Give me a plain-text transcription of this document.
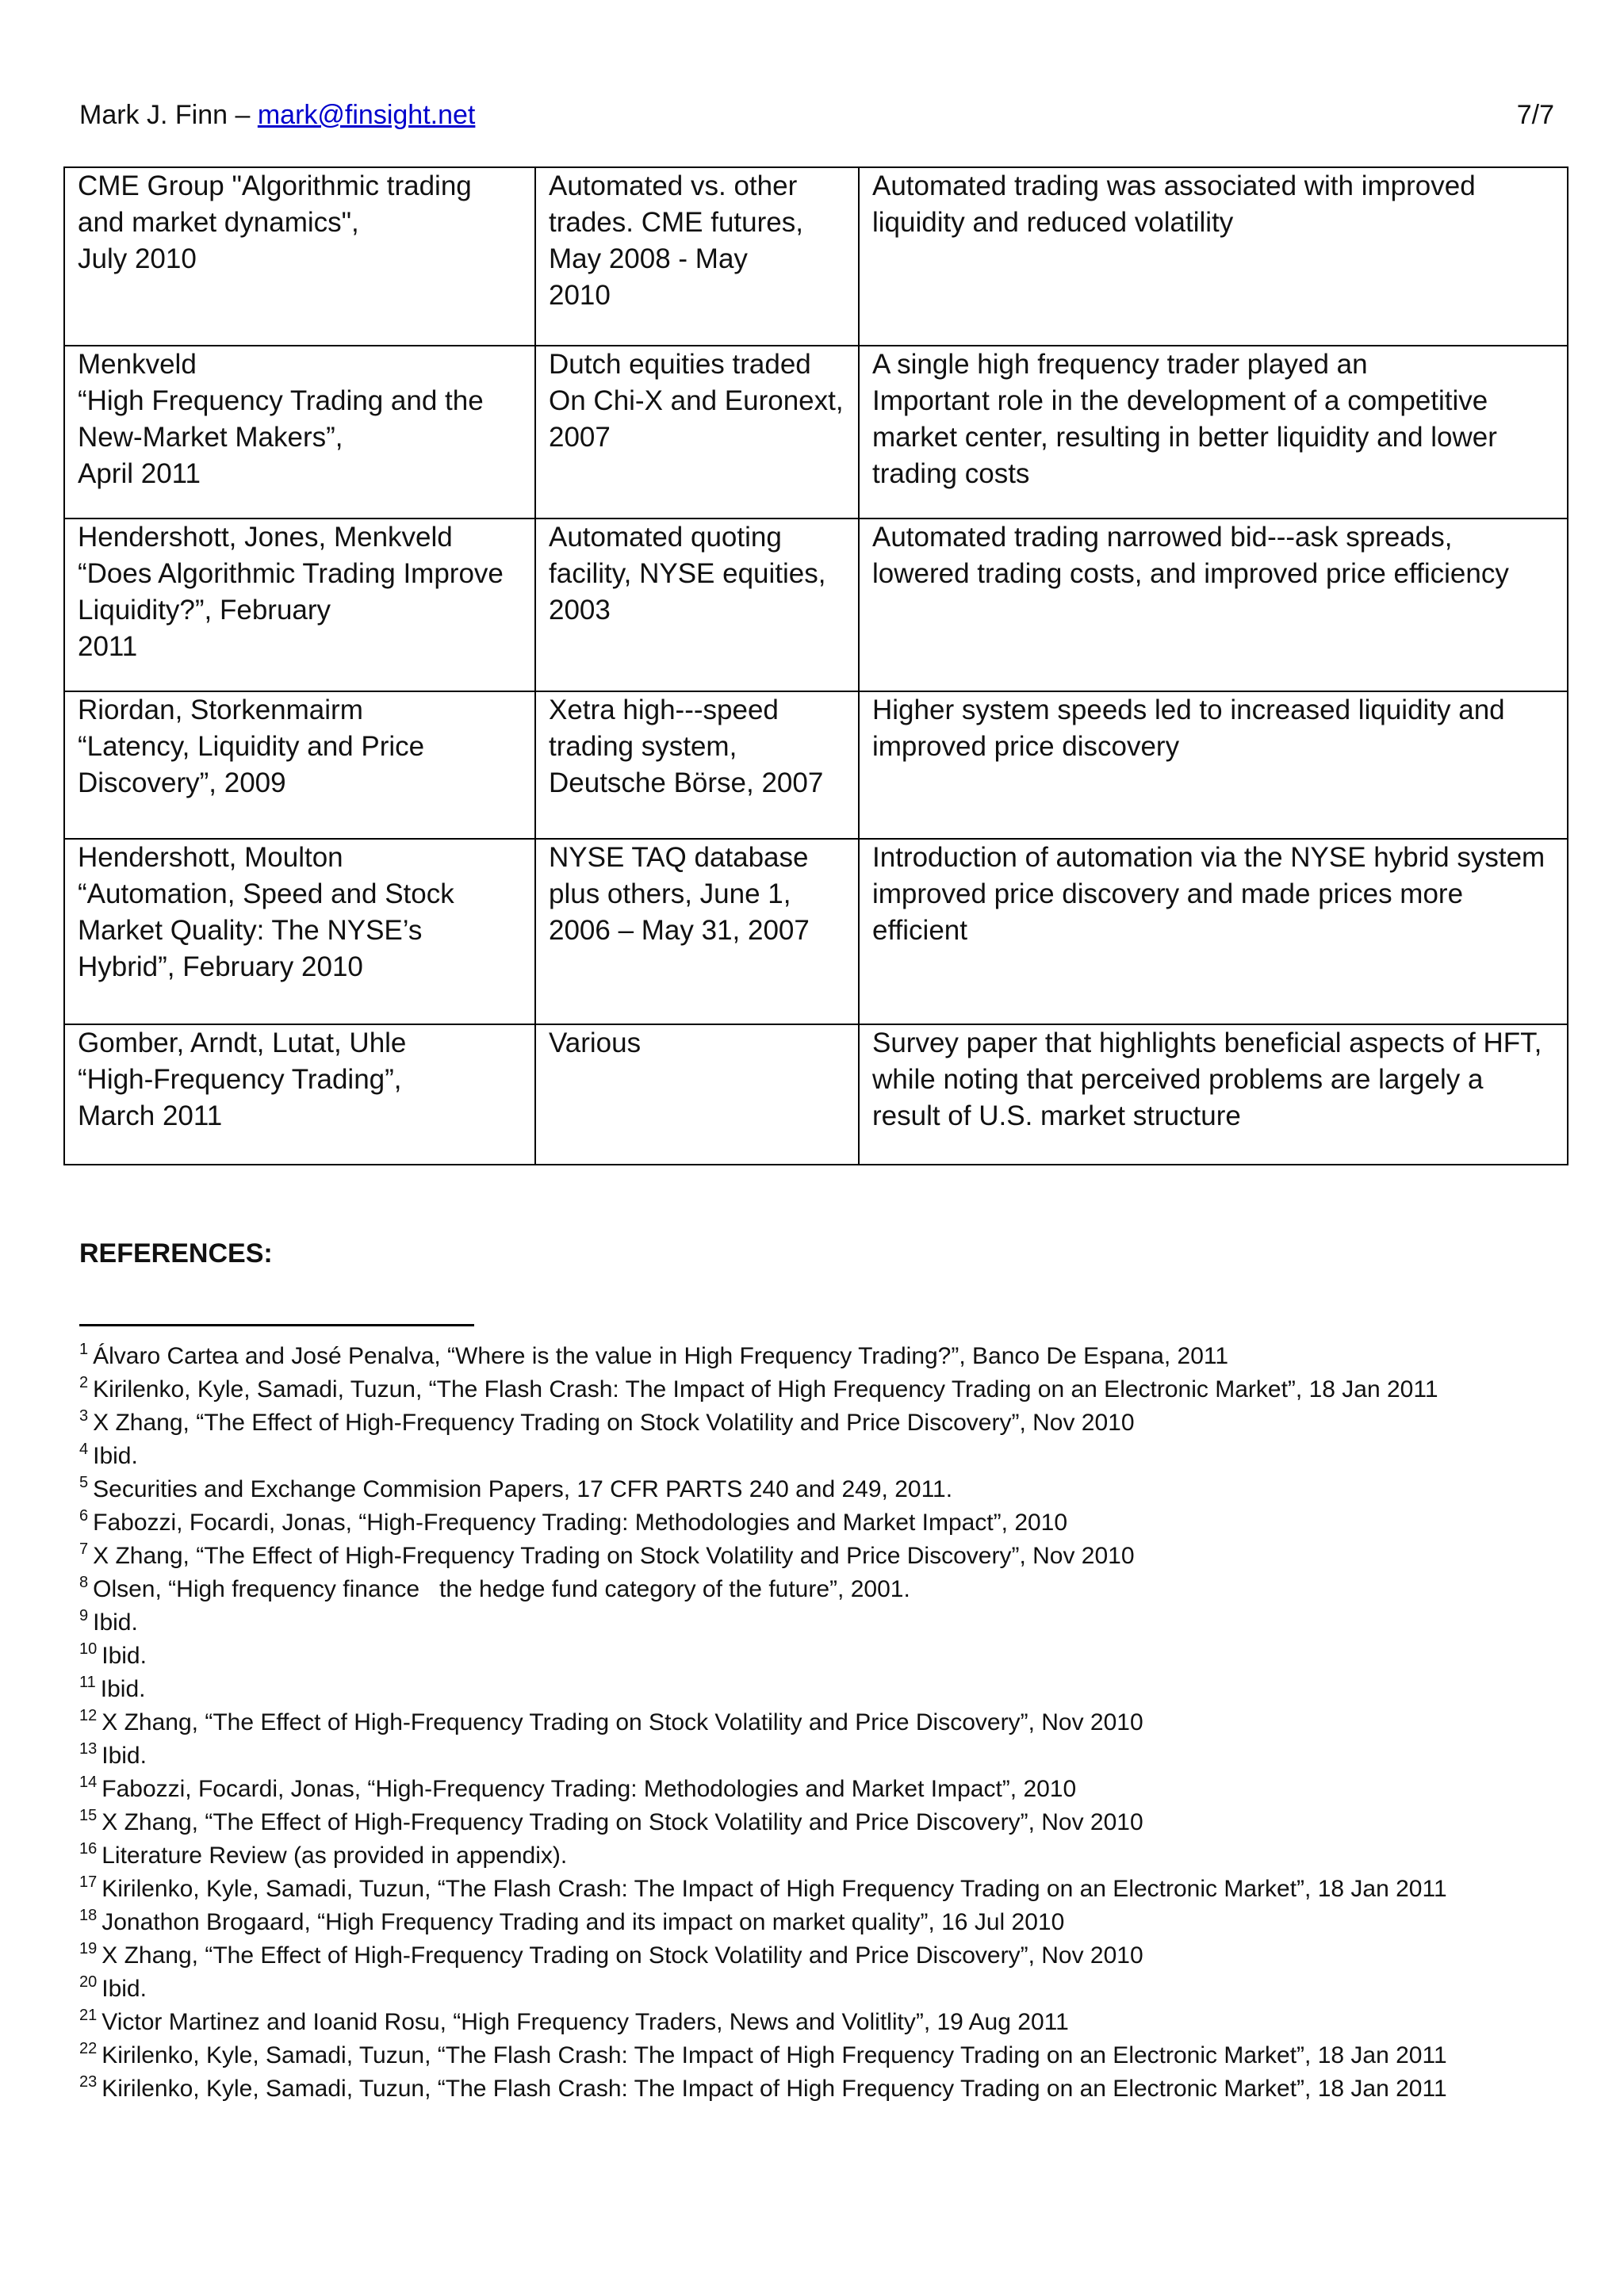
Mark J. Finn – mark@finsight.net	7/7
CME Group "Algorithmic trading
and market dynamics",
July 2010	Automated vs. other
trades. CME futures,
May 2008 - May
2010	Automated trading was associated with improved
liquidity and reduced volatility

Menkveld
“High Frequency Trading and the
New-Market Makers”,
April 2011	Dutch equities traded
On Chi-X and Euronext,
2007	A single high frequency trader played an
Important role in the development of a competitive
market center, resulting in better liquidity and lower
trading costs

Hendershott, Jones, Menkveld
“Does Algorithmic Trading Improve
Liquidity?”, February
2011	Automated quoting
facility, NYSE equities,
2003	Automated trading narrowed bid---ask spreads,
lowered trading costs, and improved price efficiency

Riordan, Storkenmairm
“Latency, Liquidity and Price
Discovery”, 2009	Xetra high---speed
trading system,
Deutsche Börse, 2007	Higher system speeds led to increased liquidity and
improved price discovery

Hendershott, Moulton
“Automation, Speed and Stock
Market Quality: The NYSE’s
Hybrid”, February 2010	NYSE TAQ database
plus others, June 1,
2006 – May 31, 2007	Introduction of automation via the NYSE hybrid system
improved price discovery and made prices more
efficient

Gomber, Arndt, Lutat, Uhle
“High-Frequency Trading”,
March 2011	Various	Survey paper that highlights beneficial aspects of HFT,
while noting that perceived problems are largely a
result of U.S. market structure
REFERENCES:
$^1$ Álvaro Cartea and José Penalva, “Where is the value in High Frequency Trading?”, Banco De Espana, 2011
$^2$ Kirilenko, Kyle, Samadi, Tuzun, “The Flash Crash: The Impact of High Frequency Trading on an Electronic Market”, 18 Jan 2011
$^3$ X Zhang, “The Effect of High-Frequency Trading on Stock Volatility and Price Discovery”, Nov 2010
$^4$ Ibid.
$^5$ Securities and Exchange Commision Papers, 17 CFR PARTS 240 and 249, 2011.
$^6$ Fabozzi, Focardi, Jonas, “High-Frequency Trading: Methodologies and Market Impact”, 2010
$^7$ X Zhang, “The Effect of High-Frequency Trading on Stock Volatility and Price Discovery”, Nov 2010
$^8$ Olsen, “High frequency finance   the hedge fund category of the future”, 2001.
$^9$ Ibid.
$^{10}$ Ibid.
$^{11}$ Ibid.
$^{12}$ X Zhang, “The Effect of High-Frequency Trading on Stock Volatility and Price Discovery”, Nov 2010
$^{13}$ Ibid.
$^{14}$ Fabozzi, Focardi, Jonas, “High-Frequency Trading: Methodologies and Market Impact”, 2010
$^{15}$ X Zhang, “The Effect of High-Frequency Trading on Stock Volatility and Price Discovery”, Nov 2010
$^{16}$ Literature Review (as provided in appendix).
$^{17}$ Kirilenko, Kyle, Samadi, Tuzun, “The Flash Crash: The Impact of High Frequency Trading on an Electronic Market”, 18 Jan 2011
$^{18}$ Jonathon Brogaard, “High Frequency Trading and its impact on market quality”, 16 Jul 2010
$^{19}$ X Zhang, “The Effect of High-Frequency Trading on Stock Volatility and Price Discovery”, Nov 2010
$^{20}$ Ibid.
$^{21}$ Victor Martinez and Ioanid Rosu, “High Frequency Traders, News and Volitlity”, 19 Aug 2011
$^{22}$ Kirilenko, Kyle, Samadi, Tuzun, “The Flash Crash: The Impact of High Frequency Trading on an Electronic Market”, 18 Jan 2011
$^{23}$ Kirilenko, Kyle, Samadi, Tuzun, “The Flash Crash: The Impact of High Frequency Trading on an Electronic Market”, 18 Jan 2011
